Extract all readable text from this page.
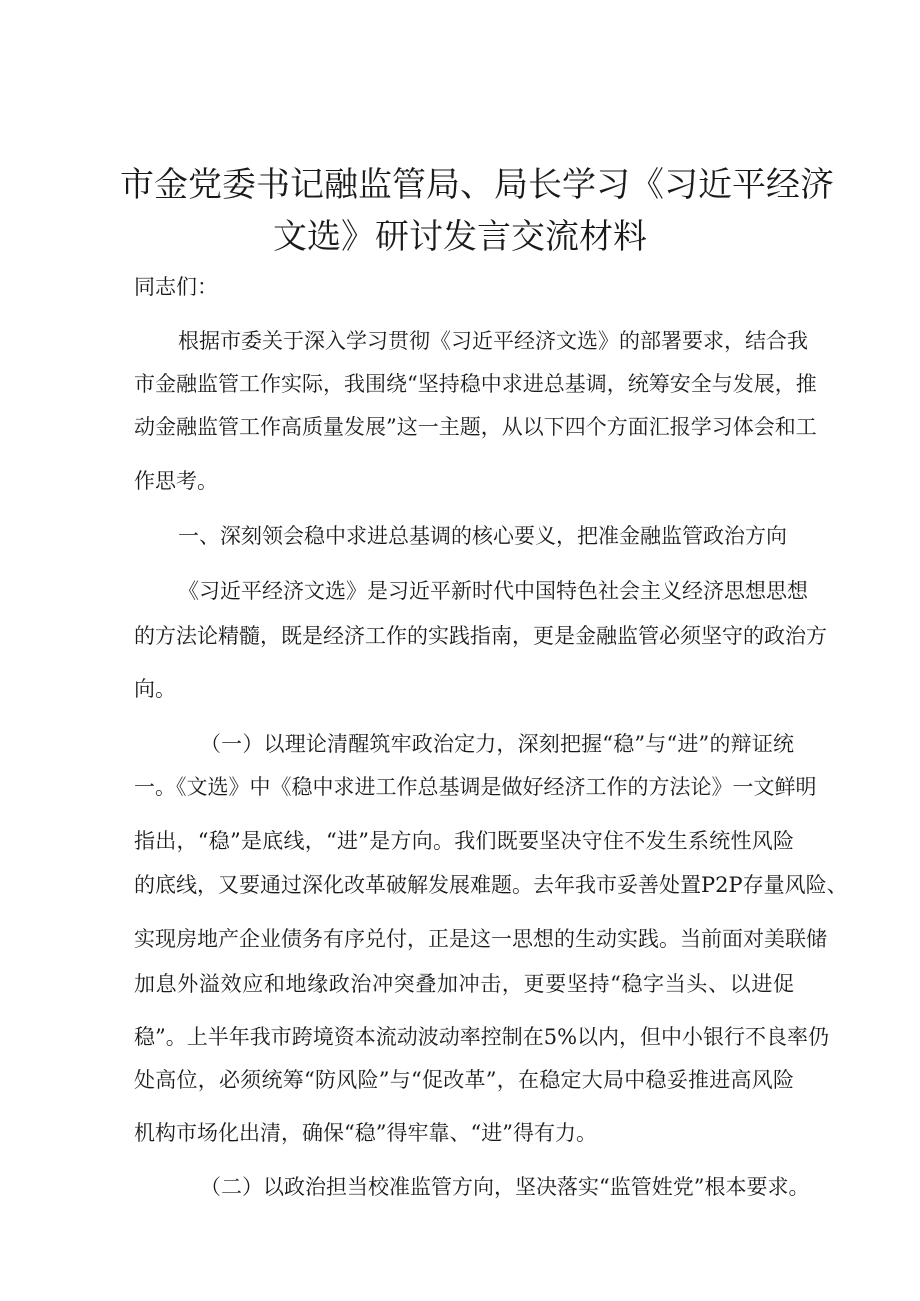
市金党委书记融监管局、局长学习《习近平经济
文选》研讨发言交流材料
同志们：
根据市委关于深入学习贯彻《习近平经济文选》的部署要求，结合我
市金融监管工作实际，我围绕“坚持稳中求进总基调，统筹安全与发展，推
动金融监管工作高质量发展”这一主题，从以下四个方面汇报学习体会和工
作思考。
一、深刻领会稳中求进总基调的核心要义，把准金融监管政治方向
《习近平经济文选》是习近平新时代中国特色社会主义经济思想思想
的方法论精髓，既是经济工作的实践指南，更是金融监管必须坚守的政治方
向。
（一）以理论清醒筑牢政治定力，深刻把握“稳”与“进”的辩证统
一。《文选》中《稳中求进工作总基调是做好经济工作的方法论》一文鲜明
指出，“稳”是底线，“进”是方向。我们既要坚决守住不发生系统性风险
的底线，又要通过深化改革破解发展难题。去年我市妥善处置P2P存量风险、
实现房地产企业债务有序兑付，正是这一思想的生动实践。当前面对美联储
加息外溢效应和地缘政治冲突叠加冲击，更要坚持“稳字当头、以进促
稳”。上半年我市跨境资本流动波动率控制在5%以内，但中小银行不良率仍
处高位，必须统筹“防风险”与“促改革”，在稳定大局中稳妥推进高风险
机构市场化出清，确保“稳”得牢靠、“进”得有力。
（二）以政治担当校准监管方向，坚决落实“监管姓党”根本要求。
